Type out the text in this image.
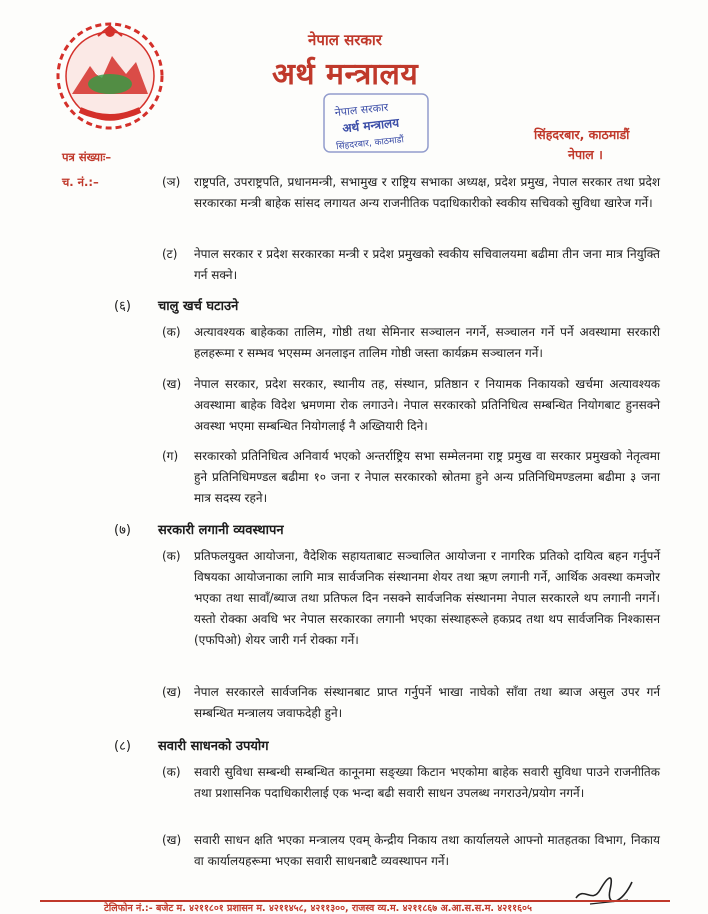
नेपाल सरकार
अर्थ मन्त्रालय
नेपाल सरकार
अर्थ मन्त्रालय
सिंहदरबार, काठमाडौं
सिंहदरबार, काठमाडौं
नेपाल ।
पत्र संख्याः–
च. नं.:–	(ञ) राष्ट्रपति, उपराष्ट्रपति, प्रधानमन्त्री, सभामुख र राष्ट्रिय सभाका अध्यक्ष, प्रदेश प्रमुख, नेपाल सरकार तथा प्रदेश सरकारका मन्त्री बाहेक सांसद लगायत अन्य राजनीतिक पदाधिकारीको स्वकीय सचिवको सुविधा खारेज गर्ने।
(ट) नेपाल सरकार र प्रदेश सरकारका मन्त्री र प्रदेश प्रमुखको स्वकीय सचिवालयमा बढीमा तीन जना मात्र नियुक्ति गर्न सक्ने।
(६) चालु खर्च घटाउने
(क) अत्यावश्यक बाहेकका तालिम, गोष्ठी तथा सेमिनार सञ्चालन नगर्ने, सञ्चालन गर्ने पर्ने अवस्थामा सरकारी हलहरूमा र सम्भव भएसम्म अनलाइन तालिम गोष्ठी जस्ता कार्यक्रम सञ्चालन गर्ने।
(ख) नेपाल सरकार, प्रदेश सरकार, स्थानीय तह, संस्थान, प्रतिष्ठान र नियामक निकायको खर्चमा अत्यावश्यक अवस्थामा बाहेक विदेश भ्रमणमा रोक लगाउने। नेपाल सरकारको प्रतिनिधित्व सम्बन्धित नियोगबाट हुनसक्ने अवस्था भएमा सम्बन्धित नियोगलाई नै अख्तियारी दिने।
(ग) सरकारको प्रतिनिधित्व अनिवार्य भएको अन्तर्राष्ट्रिय सभा सम्मेलनमा राष्ट्र प्रमुख वा सरकार प्रमुखको नेतृत्वमा हुने प्रतिनिधिमण्डल बढीमा १० जना र नेपाल सरकारको स्रोतमा हुने अन्य प्रतिनिधिमण्डलमा बढीमा ३ जना मात्र सदस्य रहने।
(७) सरकारी लगानी व्यवस्थापन
(क) प्रतिफलयुक्त आयोजना, वैदेशिक सहायताबाट सञ्चालित आयोजना र नागरिक प्रतिको दायित्व बहन गर्नुपर्ने विषयका आयोजनाका लागि मात्र सार्वजनिक संस्थानमा शेयर तथा ऋण लगानी गर्ने, आर्थिक अवस्था कमजोर भएका तथा सावाँ/ब्याज तथा प्रतिफल दिन नसक्ने सार्वजनिक संस्थानमा नेपाल सरकारले थप लगानी नगर्ने। यस्तो रोक्का अवधि भर नेपाल सरकारका लगानी भएका संस्थाहरूले हकप्रद तथा थप सार्वजनिक निश्कासन (एफपिओ) शेयर जारी गर्न रोक्का गर्ने।
(ख) नेपाल सरकारले सार्वजनिक संस्थानबाट प्राप्त गर्नुपर्ने भाखा नाघेको साँवा तथा ब्याज असुल उपर गर्न सम्बन्धित मन्त्रालय जवाफदेही हुने।
(८) सवारी साधनको उपयोग
(क) सवारी सुविधा सम्बन्धी सम्बन्धित कानूनमा सङ्ख्या किटान भएकोमा बाहेक सवारी सुविधा पाउने राजनीतिक तथा प्रशासनिक पदाधिकारीलाई एक भन्दा बढी सवारी साधन उपलब्ध नगराउने/प्रयोग नगर्ने।
(ख) सवारी साधन क्षति भएका मन्त्रालय एवम् केन्द्रीय निकाय तथा कार्यालयले आफ्नो मातहतका विभाग, निकाय वा कार्यालयहरूमा भएका सवारी साधनबाटै व्यवस्थापन गर्ने।
टेलिफोन नं.:- बजेट म. ४२११८०१ प्रशासन म. ४२११४५८, ४२११३००, राजस्व व्य.म. ४२११८६७ अ.आ.स.स.म. ४२११६०५
